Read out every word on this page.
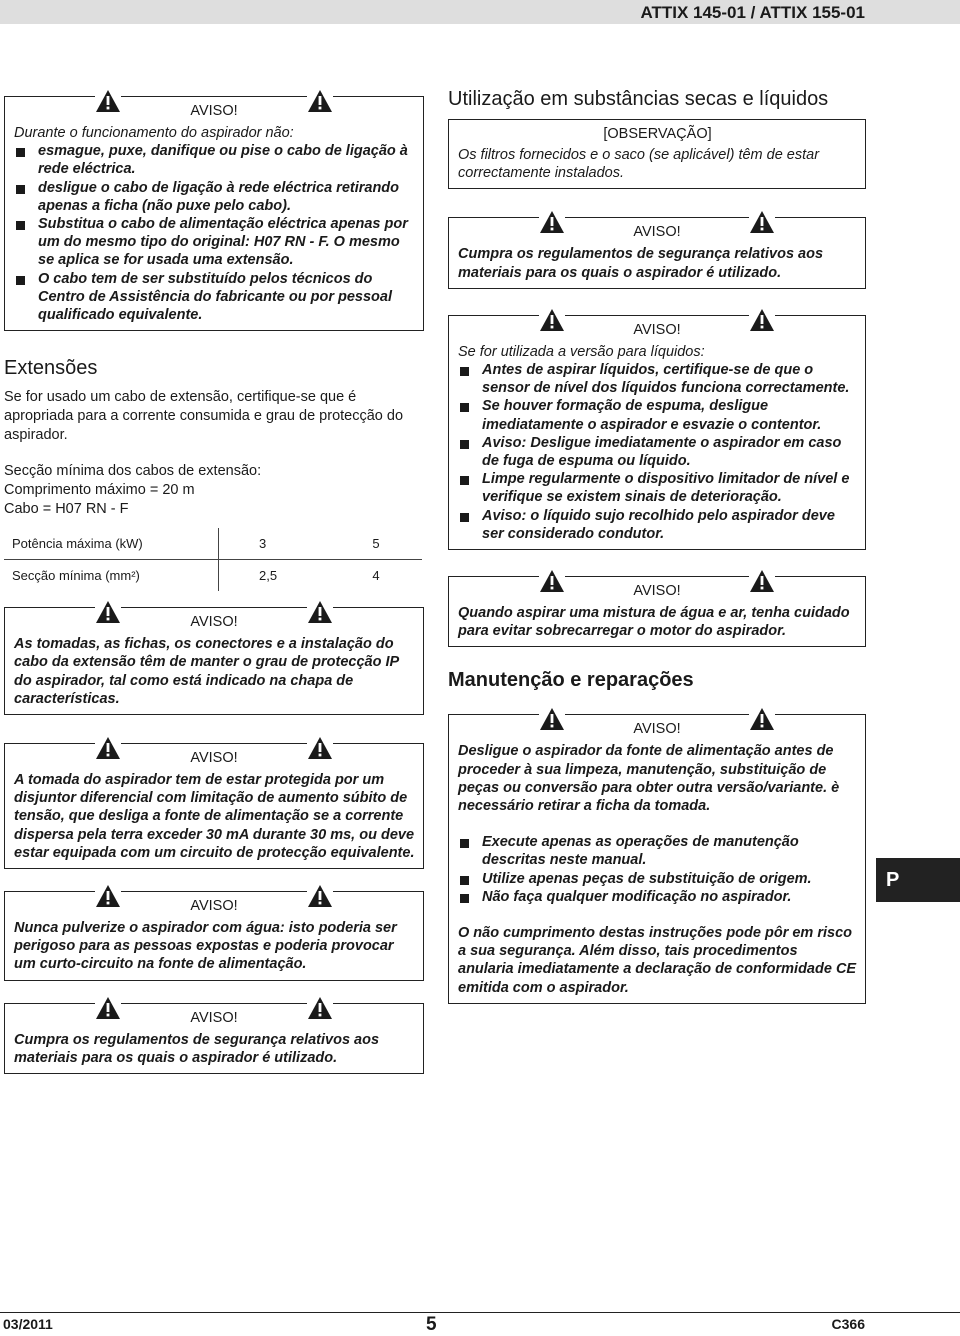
ATTIX 145-01 / ATTIX 155-01
AVISO!
Durante o funcionamento do aspirador não:
esmague, puxe, danifique ou pise o cabo de ligação à rede eléctrica.
desligue o cabo de ligação à rede eléctrica retirando apenas a ficha (não puxe pelo cabo).
Substitua o cabo de alimentação eléctrica apenas por um do mesmo tipo do original: H07 RN - F. O mesmo se aplica se for usada uma extensão.
O cabo tem de ser substituído pelos técnicos do Centro de Assistência do fabricante ou por pessoal qualificado equivalente.
Extensões

Se for usado um cabo de extensão, certifique-se que é apropriada para a corrente consumida e grau de protecção do aspirador.

Secção mínima dos cabos de extensão:

Comprimento máximo = 20 m

Cabo = H07 RN - F

Potência máxima (kW)	3	5
Secção mínima (mm²)	2,5	4
AVISO!
As tomadas, as fichas, os conectores e a instalação do cabo da extensão têm de manter o grau de protecção IP do aspirador, tal como está indicado na chapa de características.
AVISO!
A tomada do aspirador tem de estar protegida por um disjuntor diferencial com limitação de aumento súbito de tensão, que desliga a fonte de alimentação se a corrente dispersa pela terra exceder 30 mA durante 30 ms, ou deve estar equipada com um circuito de protecção equivalente.
AVISO!
Nunca pulverize o aspirador com água: isto poderia ser perigoso para as pessoas expostas e poderia provocar um curto-circuito na fonte de alimentação.
AVISO!
Cumpra os regulamentos de segurança relativos aos materiais para os quais o aspirador é utilizado.
Utilização em substâncias secas e líquidos
[OBSERVAÇÃO]
Os filtros fornecidos e o saco (se aplicável) têm de estar correctamente instalados.
AVISO!
Cumpra os regulamentos de segurança relativos aos materiais para os quais o aspirador é utilizado.
AVISO!
Se for utilizada a versão para líquidos:
Antes de aspirar líquidos, certifique-se de que o sensor de nível dos líquidos funciona correctamente.
Se houver formação de espuma, desligue imediatamente o aspirador e esvazie o contentor.
Aviso: Desligue imediatamente o aspirador em caso de fuga de espuma ou líquido.
Limpe regularmente o dispositivo limitador de nível e verifique se existem sinais de deterioração.
Aviso: o líquido sujo recolhido pelo aspirador deve ser considerado condutor.
AVISO!
Quando aspirar uma mistura de água e ar, tenha cuidado para evitar sobrecarregar o motor do aspirador.
Manutenção e reparações
AVISO!
Desligue o aspirador da fonte de alimentação antes de proceder à sua limpeza, manutenção, substituição de peças ou conversão para obter outra versão/variante. è necessário retirar a ficha da tomada.
Execute apenas as operações de manutenção descritas neste manual.
Utilize apenas peças de substituição de origem.
Não faça qualquer modificação no aspirador.
O não cumprimento destas instruções pode pôr em risco a sua segurança. Além disso, tais procedimentos anularia imediatamente a declaração de conformidade CE emitida com o aspirador.
P
03/2011	5	C366
